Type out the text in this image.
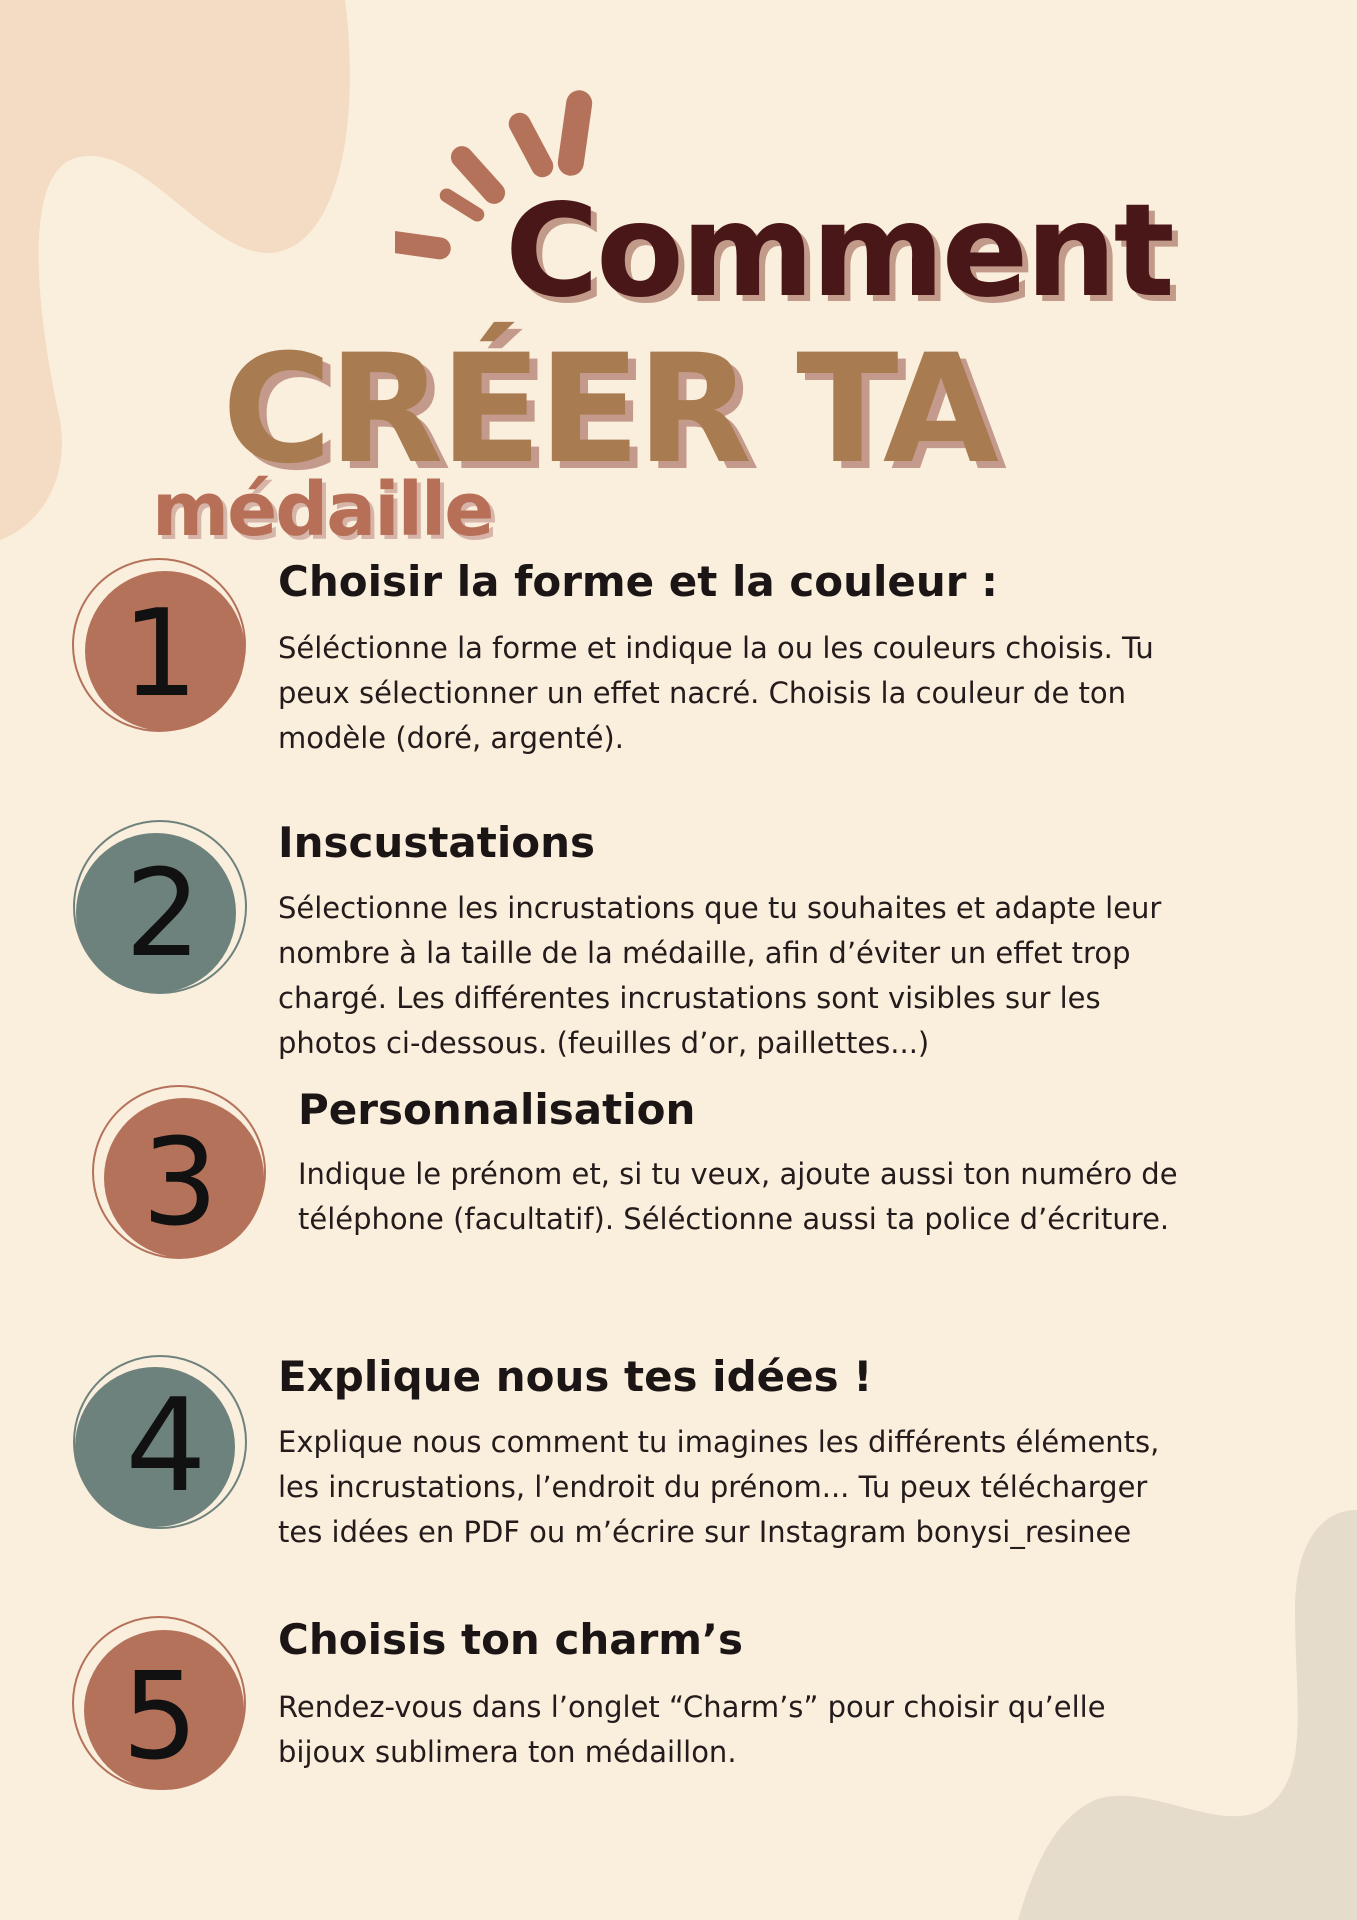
Comment
CRÉER TA
médaille
1
Choisir la forme et la couleur :

Séléctionne la forme et indique la ou les couleurs choisis. Tu
peux sélectionner un effet nacré. Choisis la couleur de ton
modèle (doré, argenté).

2
Inscustations

Sélectionne les incrustations que tu souhaites et adapte leur
nombre à la taille de la médaille, afin d’éviter un effet trop
chargé. Les différentes incrustations sont visibles sur les
photos ci-dessous. (feuilles d’or, paillettes...)

3
Personnalisation

Indique le prénom et, si tu veux, ajoute aussi ton numéro de
téléphone (facultatif). Séléctionne aussi ta police d’écriture.

4 Explique nous tes idées !

Explique nous comment tu imagines les différents éléments,
les incrustations, l’endroit du prénom... Tu peux télécharger
tes idées en PDF ou m’écrire sur Instagram bonysi_resinee

5
Choisis ton charm’s

Rendez-vous dans l’onglet “Charm’s” pour choisir qu’elle
bijoux sublimera ton médaillon.
